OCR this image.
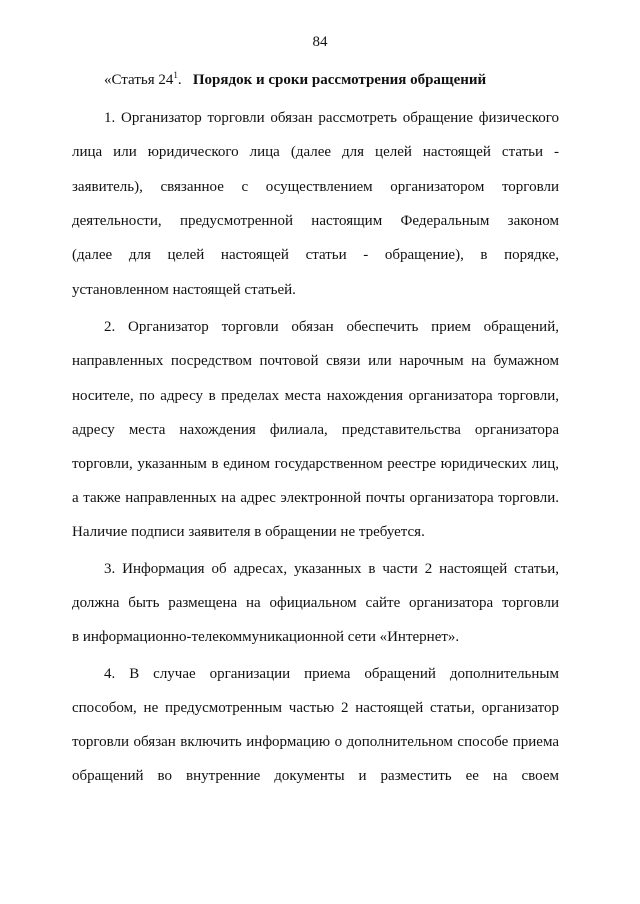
84
«Статья $24^1$. Порядок и сроки рассмотрения обращений
1. Организатор торговли обязан рассмотреть обращение физического
лица или юридического лица (далее для целей настоящей статьи -
заявитель), связанное с осуществлением организатором торговли
деятельности, предусмотренной настоящим Федеральным законом
(далее для целей настоящей статьи - обращение), в порядке,
установленном настоящей статьей.
2. Организатор торговли обязан обеспечить прием обращений,
направленных посредством почтовой связи или нарочным на бумажном
носителе, по адресу в пределах места нахождения организатора торговли,
адресу места нахождения филиала, представительства организатора
торговли, указанным в едином государственном реестре юридических лиц,
а также направленных на адрес электронной почты организатора торговли.
Наличие подписи заявителя в обращении не требуется.
3. Информация об адресах, указанных в части 2 настоящей статьи,
должна быть размещена на официальном сайте организатора торговли
в информационно-телекоммуникационной сети «Интернет».
4. В случае организации приема обращений дополнительным
способом, не предусмотренным частью 2 настоящей статьи, организатор
торговли обязан включить информацию о дополнительном способе приема
обращений во внутренние документы и разместить ее на своем
